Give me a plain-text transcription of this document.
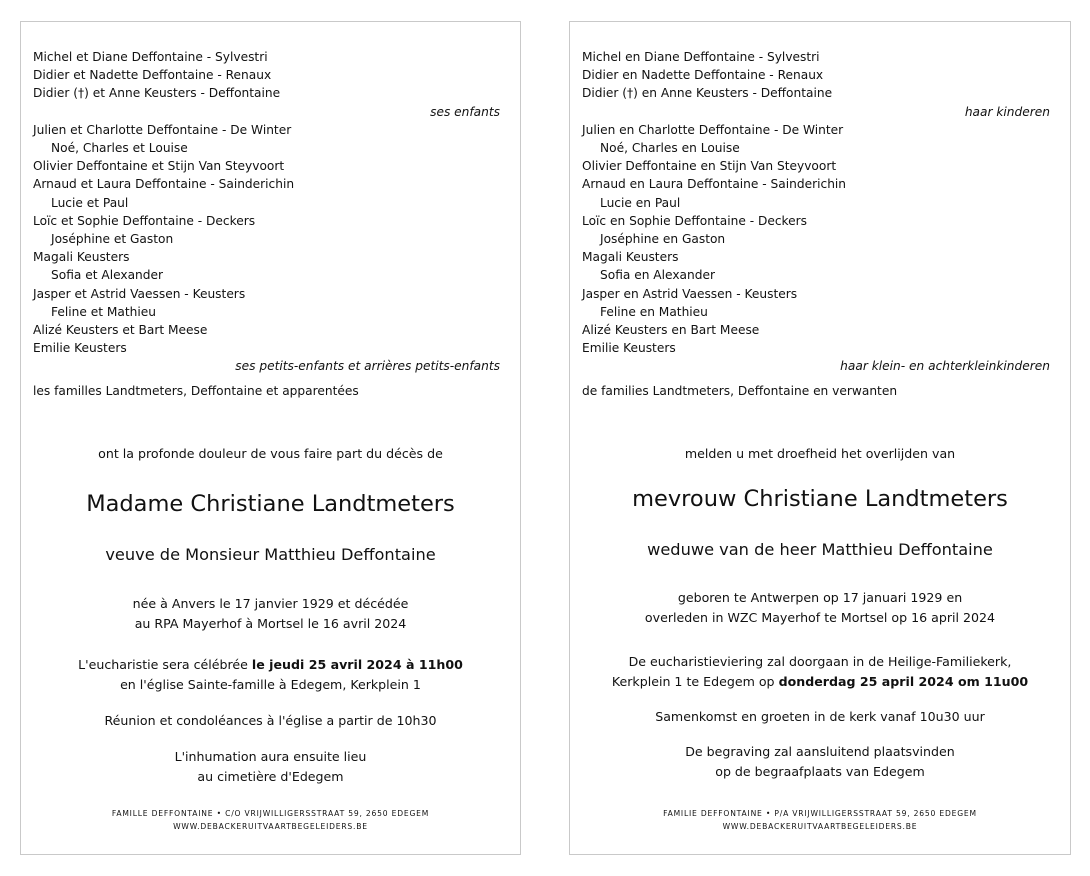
Michel et Diane Deffontaine - Sylvestri
Didier et Nadette Deffontaine - Renaux
Didier (†) et Anne Keusters - Deffontaine
ses enfants
Julien et Charlotte Deffontaine - De Winter
Noé, Charles et Louise
Olivier Deffontaine et Stijn Van Steyvoort
Arnaud et Laura Deffontaine - Sainderichin
Lucie et Paul
Loïc et Sophie Deffontaine - Deckers
Joséphine et Gaston
Magali Keusters
Sofia et Alexander
Jasper et Astrid Vaessen - Keusters
Feline et Mathieu
Alizé Keusters et Bart Meese
Emilie Keusters
ses petits-enfants et arrières petits-enfants
les familles Landtmeters, Deffontaine et apparentées
ont la profonde douleur de vous faire part du décès de
Madame Christiane Landtmeters
veuve de Monsieur Matthieu Deffontaine
née à Anvers le 17 janvier 1929 et décédée
au RPA Mayerhof à Mortsel le 16 avril 2024
L'eucharistie sera célébrée le jeudi 25 avril 2024 à 11h00
en l'église Sainte-famille à Edegem, Kerkplein 1
Réunion et condoléances à l'église a partir de 10h30
L'inhumation aura ensuite lieu
au cimetière d'Edegem
FAMILLE DEFFONTAINE • C/O VRIJWILLIGERSSTRAAT 59, 2650 EDEGEM
WWW.DEBACKERUITVAARTBEGELEIDERS.BE
Michel en Diane Deffontaine - Sylvestri
Didier en Nadette Deffontaine - Renaux
Didier (†) en Anne Keusters - Deffontaine
haar kinderen
Julien en Charlotte Deffontaine - De Winter
Noé, Charles en Louise
Olivier Deffontaine en Stijn Van Steyvoort
Arnaud en Laura Deffontaine - Sainderichin
Lucie en Paul
Loïc en Sophie Deffontaine - Deckers
Joséphine en Gaston
Magali Keusters
Sofia en Alexander
Jasper en Astrid Vaessen - Keusters
Feline en Mathieu
Alizé Keusters en Bart Meese
Emilie Keusters
haar klein- en achterkleinkinderen
de families Landtmeters, Deffontaine en verwanten
melden u met droefheid het overlijden van
mevrouw Christiane Landtmeters
weduwe van de heer Matthieu Deffontaine
geboren te Antwerpen op 17 januari 1929 en
overleden in WZC Mayerhof te Mortsel op 16 april 2024
De eucharistieviering zal doorgaan in de Heilige-Familiekerk,
Kerkplein 1 te Edegem op donderdag 25 april 2024 om 11u00
Samenkomst en groeten in de kerk vanaf 10u30 uur
De begraving zal aansluitend plaatsvinden
op de begraafplaats van Edegem
FAMILIE DEFFONTAINE • P/A VRIJWILLIGERSSTRAAT 59, 2650 EDEGEM
WWW.DEBACKERUITVAARTBEGELEIDERS.BE
